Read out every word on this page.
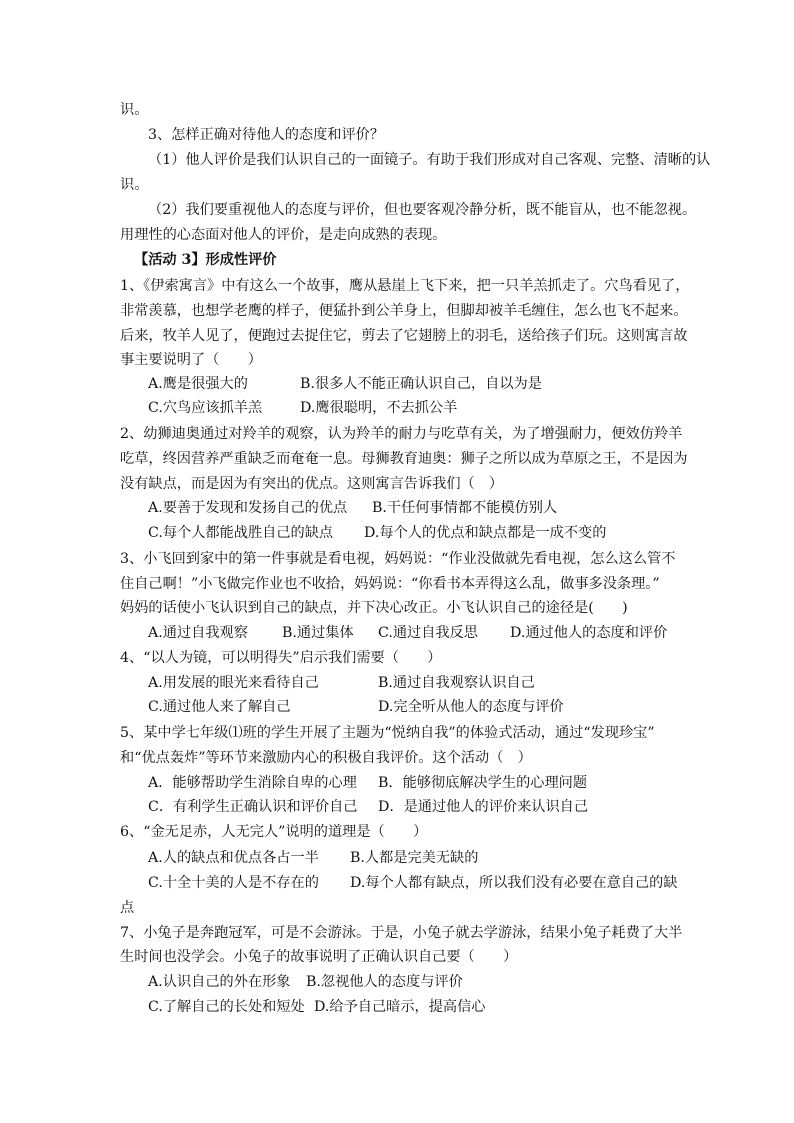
识。
3、怎样正确对待他人的态度和评价？
（1）他人评价是我们认识自己的一面镜子。有助于我们形成对自己客观、完整、清晰的认
识。
（2）我们要重视他人的态度与评价，但也要客观冷静分析，既不能盲从，也不能忽视。
用理性的心态面对他人的评价，是走向成熟的表现。
【活动 3】形成性评价
1、《伊索寓言》中有这么一个故事，鹰从悬崖上飞下来，把一只羊羔抓走了。穴鸟看见了，
非常羡慕，也想学老鹰的样子，便猛扑到公羊身上，但脚却被羊毛缠住，怎么也飞不起来。
后来，牧羊人见了，便跑过去捉住它，剪去了它翅膀上的羽毛，送给孩子们玩。这则寓言故
事主要说明了（　　）
A.鹰是很强大的	B.很多人不能正确认识自己，自以为是
C.穴鸟应该抓羊羔	D.鹰很聪明，不去抓公羊
2、幼狮迪奥通过对羚羊的观察，认为羚羊的耐力与吃草有关，为了增强耐力，便效仿羚羊
吃草，终因营养严重缺乏而奄奄一息。母狮教育迪奥：狮子之所以成为草原之王，不是因为
没有缺点，而是因为有突出的优点。这则寓言告诉我们（　）
A.要善于发现和发扬自己的优点 B.干任何事情都不能模仿别人
C.每个人都能战胜自己的缺点 D.每个人的优点和缺点都是一成不变的
3、小飞回到家中的第一件事就是看电视，妈妈说：“作业没做就先看电视，怎么这么管不
住自己啊！”小飞做完作业也不收拾，妈妈说：“你看书本弄得这么乱，做事多没条理。”
妈妈的话使小飞认识到自己的缺点，并下决心改正。小飞认识自己的途径是(　　)
A.通过自我观察 B.通过集体 C.通过自我反思 D.通过他人的态度和评价
4、“以人为镜，可以明得失”启示我们需要（　　）
A.用发展的眼光来看待自己	B.通过自我观察认识自己
C.通过他人来了解自己	D.完全听从他人的态度与评价
5、某中学七年级⑴班的学生开展了主题为“悦纳自我”的体验式活动，通过“发现珍宝”
和“优点轰炸”等环节来激励内心的积极自我评价。这个活动（　）
A．能够帮助学生消除自卑的心理 B．能够彻底解决学生的心理问题
C．有利学生正确认识和评价自己 D．是通过他人的评价来认识自己
6、“金无足赤，人无完人”说明的道理是（　　）
A.人的缺点和优点各占一半 B.人都是完美无缺的
C.十全十美的人是不存在的 D.每个人都有缺点，所以我们没有必要在意自己的缺
点
7、小兔子是奔跑冠军，可是不会游泳。于是，小兔子就去学游泳，结果小兔子耗费了大半
生时间也没学会。小兔子的故事说明了正确认识自己要（　　）
A.认识自己的外在形象 B.忽视他人的态度与评价
C.了解自己的长处和短处 D.给予自己暗示，提高信心
